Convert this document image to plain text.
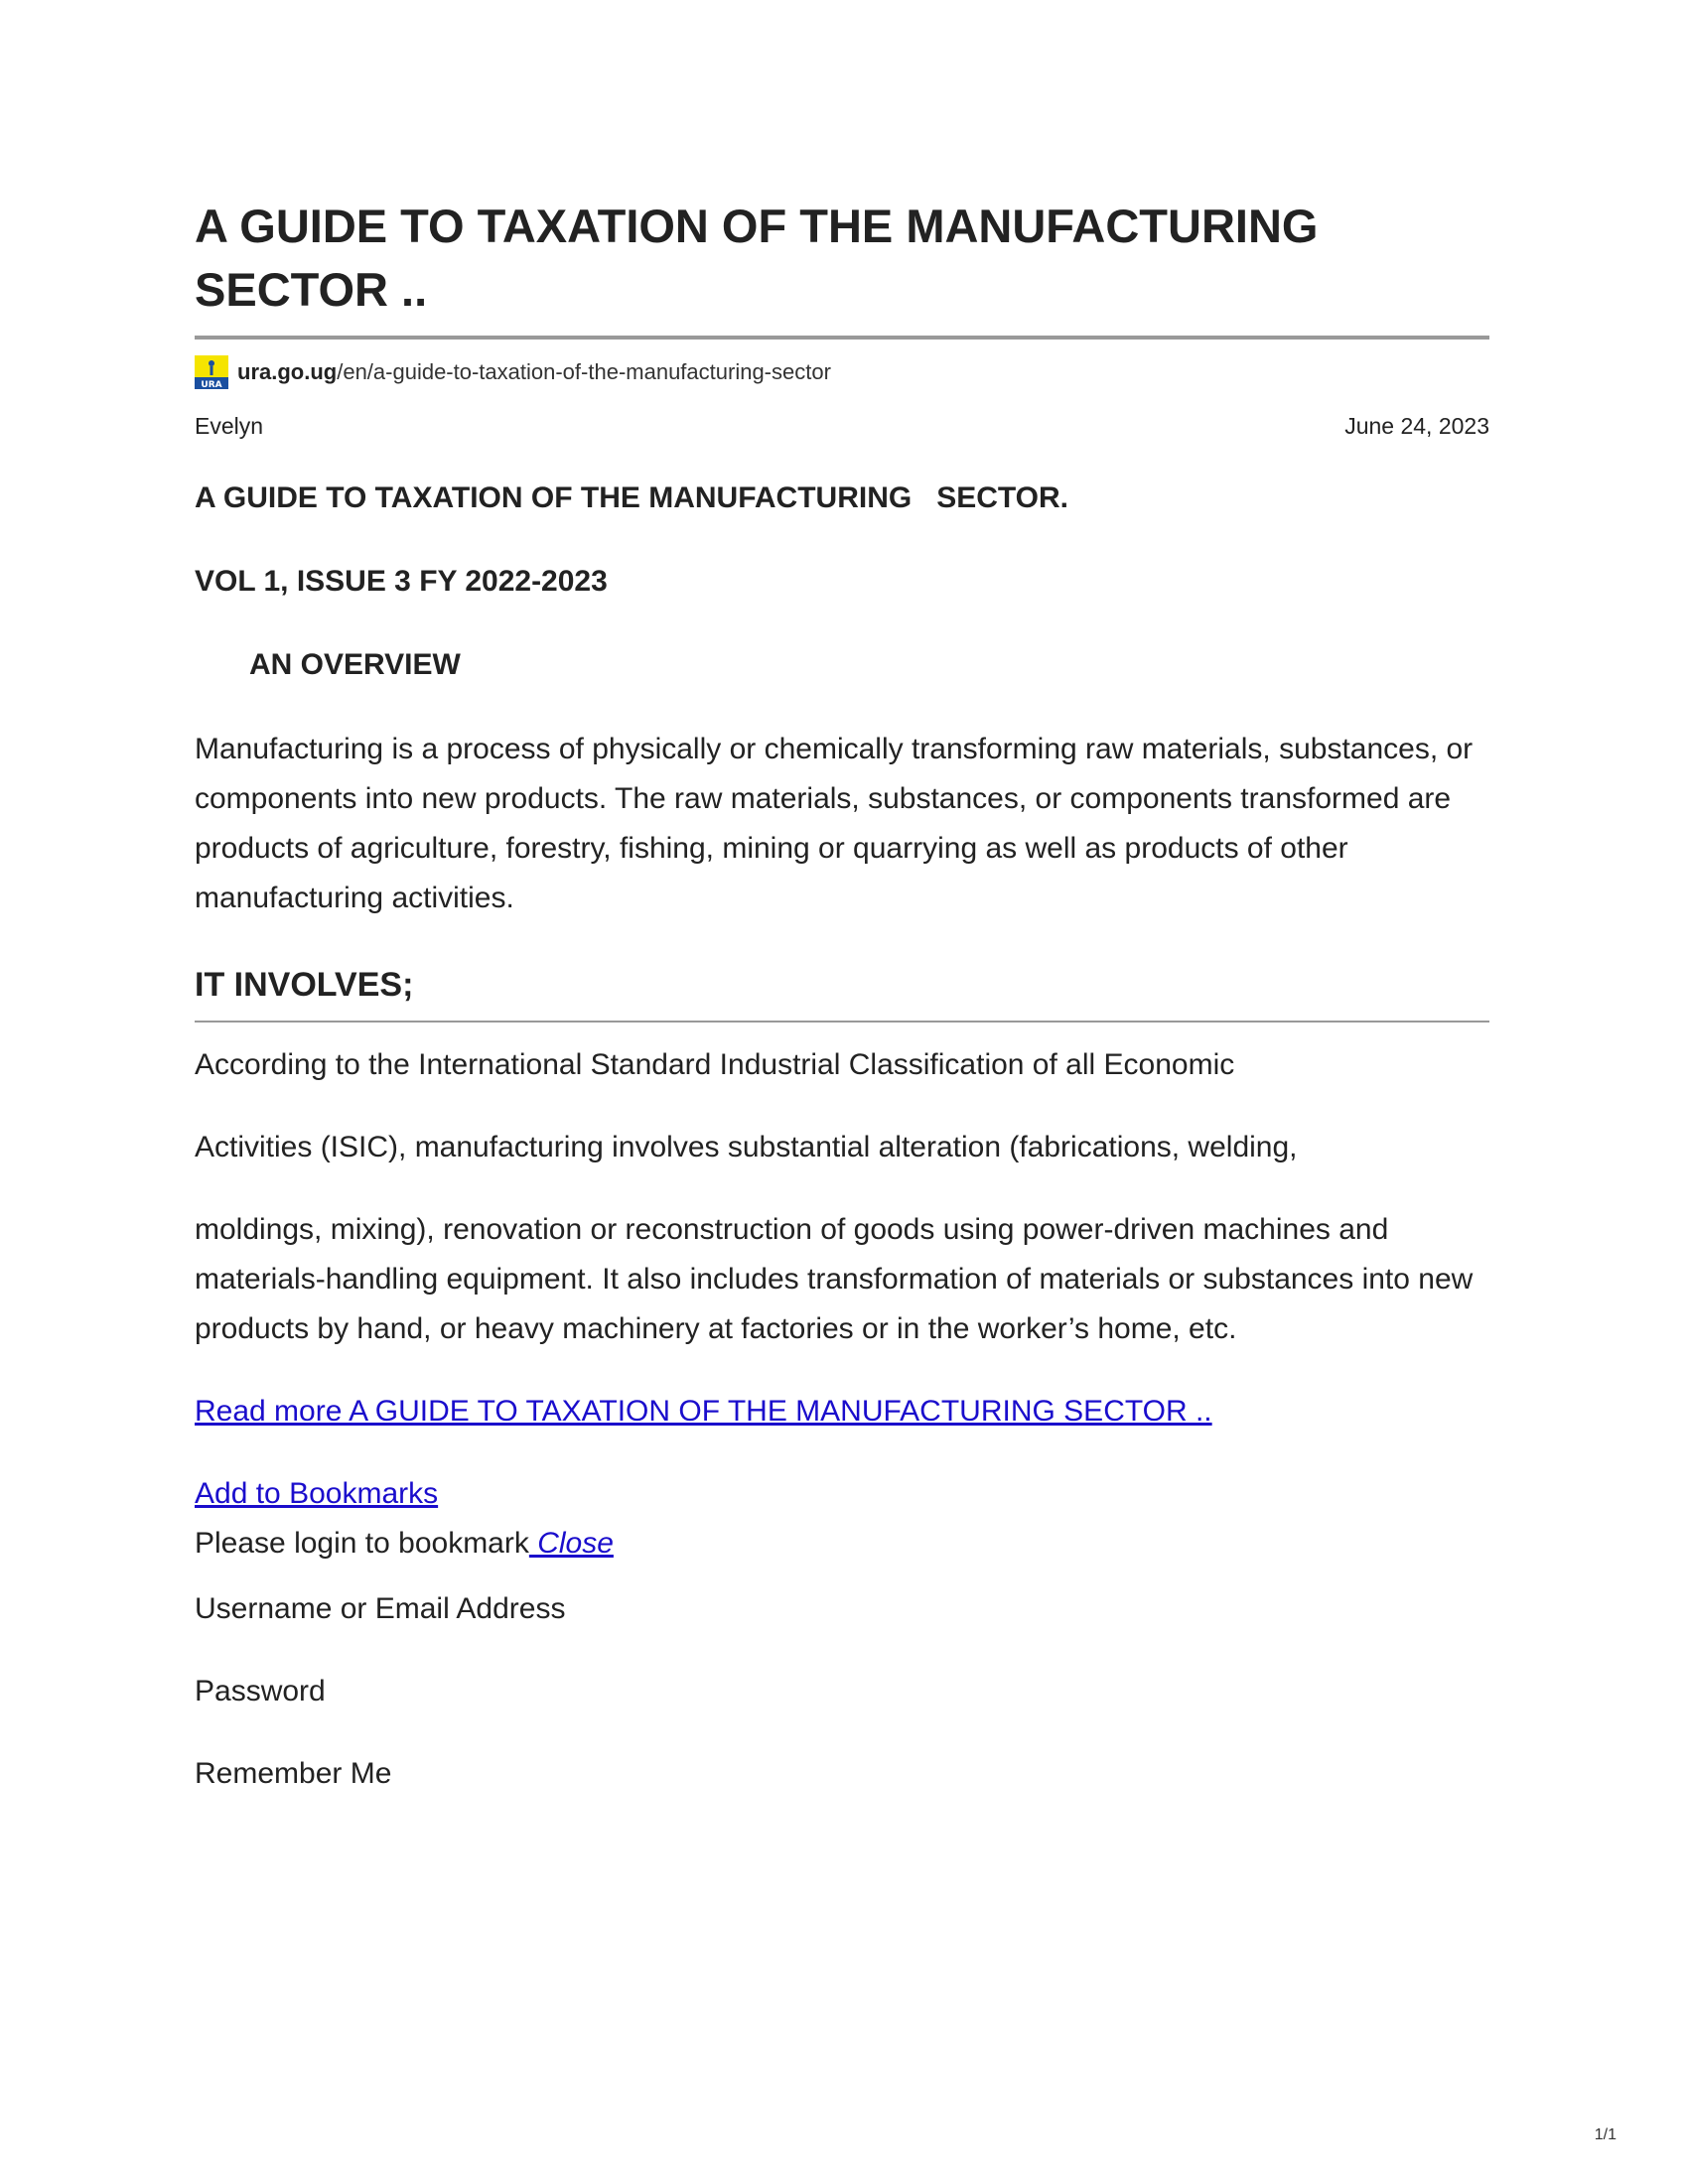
A GUIDE TO TAXATION OF THE MANUFACTURING SECTOR ..
URA
ura.go.ug /en/a-guide-to-taxation-of-the-manufacturing-sector
Evelyn	June 24, 2023

A GUIDE TO TAXATION OF THE MANUFACTURING   SECTOR.

VOL 1, ISSUE 3 FY 2022-2023

AN OVERVIEW

Manufacturing is a process of physically or chemically transforming raw materials, substances, or components into new products. The raw materials, substances, or components transformed are products of agriculture, forestry, fishing, mining or quarrying as well as products of other manufacturing activities.

IT INVOLVES;

According to the International Standard Industrial Classification of all Economic

Activities (ISIC), manufacturing involves substantial alteration (fabrications, welding,

moldings, mixing), renovation or reconstruction of goods using power-driven machines and materials-handling equipment. It also includes transformation of materials or substances into new products by hand, or heavy machinery at factories or in the worker’s home, etc.

Read more A GUIDE TO TAXATION OF THE MANUFACTURING SECTOR ..
Add to Bookmarks

Please login to bookmark Close

Username or Email Address

Password

Remember Me

1/1
